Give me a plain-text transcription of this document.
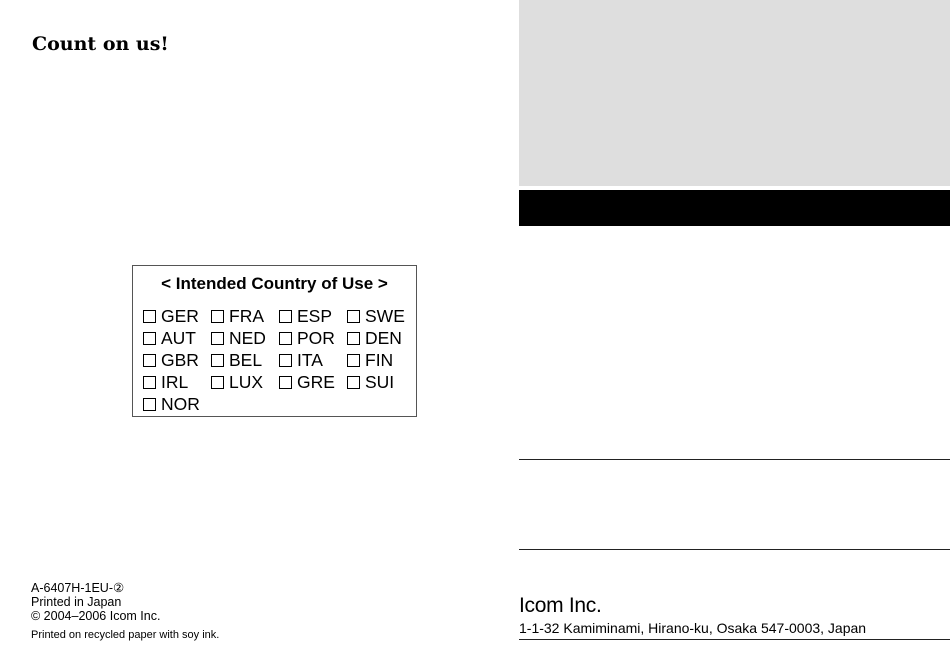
Count on us!
< Intended Country of Use >
GER FRA ESP SWE
AUT NED POR DEN
GBR BEL ITA FIN
IRL LUX GRE SUI
NOR
A-6407H-1EU-②
Printed in Japan
© 2004–2006 Icom Inc.
Printed on recycled paper with soy ink.
Icom Inc.
1-1-32 Kamiminami, Hirano-ku, Osaka 547-0003, Japan
